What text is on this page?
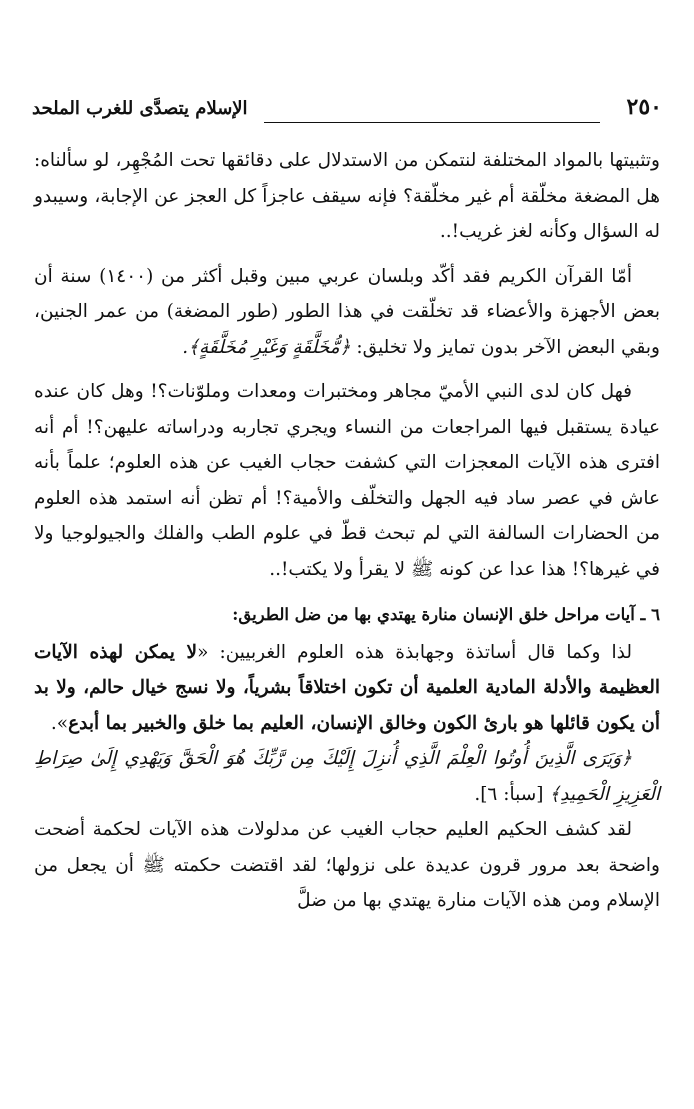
٢٥٠
الإسلام يتصدَّى للغرب الملحد

وتثبيتها بالمواد المختلفة لنتمكن من الاستدلال على دقائقها تحت المُجْهِر، لو سألناه: هل المضغة مخلّقة أم غير مخلّقة؟ فإنه سيقف عاجزاً كل العجز عن الإجابة، وسيبدو له السؤال وكأنه لغز غريب!..

أمّا القرآن الكريم فقد أكّد وبلسان عربي مبين وقبل أكثر من (١٤٠٠) سنة أن بعض الأجهزة والأعضاء قد تخلّقت في هذا الطور (طور المضغة) من عمر الجنين، وبقي البعض الآخر بدون تمايز ولا تخليق: ﴿مُّخَلَّقَةٍ وَغَيْرِ مُخَلَّقَةٍ﴾.

فهل كان لدى النبي الأميّ مجاهر ومختبرات ومعدات وملوّنات؟! وهل كان عنده عيادة يستقبل فيها المراجعات من النساء ويجري تجاربه ودراساته عليهن؟! أم أنه افترى هذه الآيات المعجزات التي كشفت حجاب الغيب عن هذه العلوم؛ علماً بأنه عاش في عصر ساد فيه الجهل والتخلّف والأمية؟! أم تظن أنه استمد هذه العلوم من الحضارات السالفة التي لم تبحث قطّ في علوم الطب والفلك والجيولوجيا ولا في غيرها؟! هذا عدا عن كونه ﷺ لا يقرأ ولا يكتب!..

٦ ـ آيات مراحل خلق الإنسان منارة يهتدي بها من ضل الطريق:

لذا وكما قال أساتذة وجهابذة هذه العلوم الغربيين: «لا يمكن لهذه الآيات العظيمة والأدلة المادية العلمية أن تكون اختلاقاً بشرياً، ولا نسج خيال حالم، ولا بد أن يكون قائلها هو بارئ الكون وخالق الإنسان، العليم بما خلق والخبير بما أبدع».

﴿وَيَرَى الَّذِينَ أُوتُوا الْعِلْمَ الَّذِي أُنزِلَ إِلَيْكَ مِن رَّبِّكَ هُوَ الْحَقَّ وَيَهْدِي إِلَىٰ صِرَاطِ الْعَزِيزِ الْحَمِيدِ﴾ [سبأ: ٦].

لقد كشف الحكيم العليم حجاب الغيب عن مدلولات هذه الآيات لحكمة أضحت واضحة بعد مرور قرون عديدة على نزولها؛ لقد اقتضت حكمته ﷺ أن يجعل من الإسلام ومن هذه الآيات منارة يهتدي بها من ضلَّ
